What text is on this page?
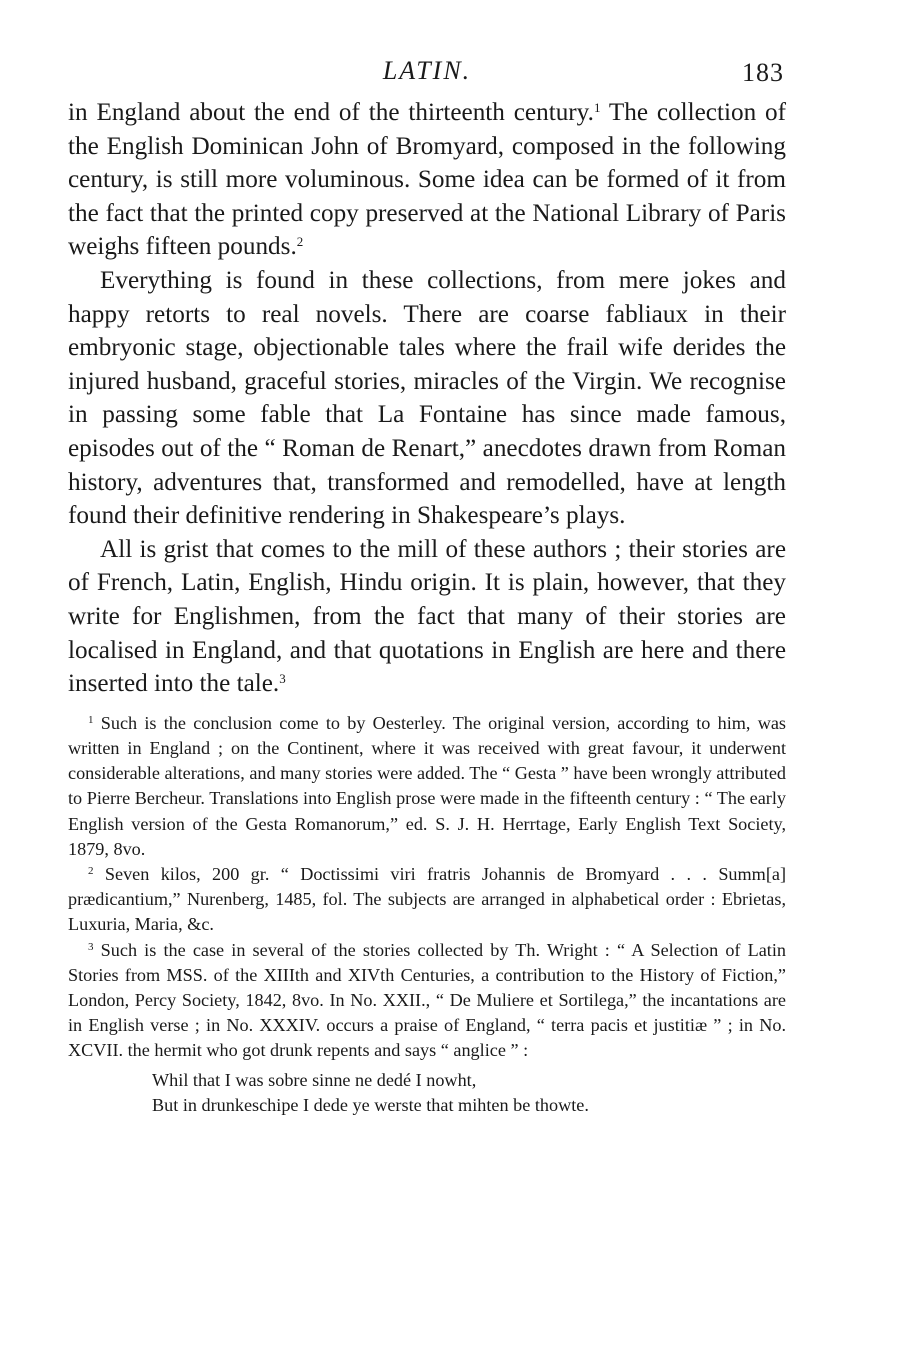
LATIN.	183

in England about the end of the thirteenth century.$^1$ The collection of the English Dominican John of Bromyard, composed in the following century, is still more voluminous. Some idea can be formed of it from the fact that the printed copy preserved at the National Library of Paris weighs fifteen pounds.$^2$

Everything is found in these collections, from mere jokes and happy retorts to real novels. There are coarse fabliaux in their embryonic stage, objectionable tales where the frail wife derides the injured husband, graceful stories, miracles of the Virgin. We recognise in passing some fable that La Fontaine has since made famous, episodes out of the “ Roman de Renart,” anecdotes drawn from Roman history, adventures that, transformed and remodelled, have at length found their definitive rendering in Shakespeare’s plays.

All is grist that comes to the mill of these authors ; their stories are of French, Latin, English, Hindu origin. It is plain, however, that they write for Englishmen, from the fact that many of their stories are localised in England, and that quotations in English are here and there inserted into the tale.$^3$

$^1$ Such is the conclusion come to by Oesterley. The original version, according to him, was written in England ; on the Continent, where it was received with great favour, it underwent considerable alterations, and many stories were added. The “ Gesta ” have been wrongly attributed to Pierre Bercheur. Translations into English prose were made in the fifteenth century : “ The early English version of the Gesta Romanorum,” ed. S. J. H. Herrtage, Early English Text Society, 1879, 8vo.

$^2$ Seven kilos, 200 gr. “ Doctissimi viri fratris Johannis de Bromyard . . . Summ[a] prædicantium,” Nurenberg, 1485, fol. The subjects are arranged in alphabetical order : Ebrietas, Luxuria, Maria, &c.

$^3$ Such is the case in several of the stories collected by Th. Wright : “ A Selection of Latin Stories from MSS. of the XIIIth and XIVth Centuries, a contribution to the History of Fiction,” London, Percy Society, 1842, 8vo. In No. XXII., “ De Muliere et Sortilega,” the incantations are in English verse ; in No. XXXIV. occurs a praise of England, “ terra pacis et justitiæ ” ; in No. XCVII. the hermit who got drunk repents and says “ anglice ” :

Whil that I was sobre sinne ne dedé I nowht,

But in drunkeschipe I dede ye werste that mihten be thowte.
